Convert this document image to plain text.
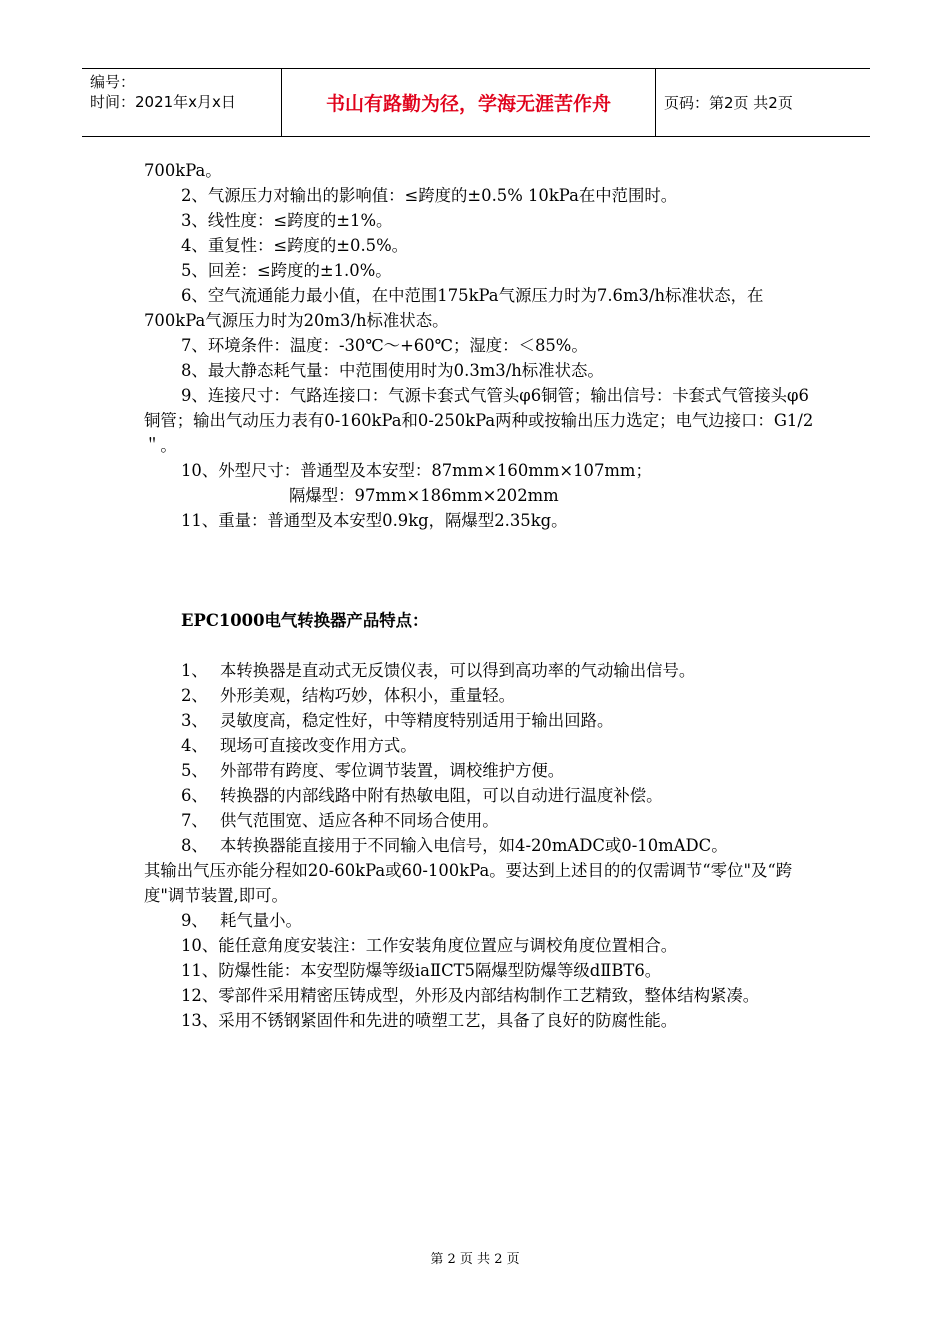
编号：
时间：2021年x月x日	书山有路勤为径，学海无涯苦作舟	页码：第2页 共2页

700kPa。

2、气源压力对输出的影响值：≤跨度的±0.5% 10kPa在中范围时。

3、线性度：≤跨度的±1%。

4、重复性：≤跨度的±0.5%。

5、回差：≤跨度的±1.0%。

6、空气流通能力最小值，在中范围175kPa气源压力时为7.6m3/h标准状态，在700kPa气源压力时为20m3/h标准状态。

7、环境条件：温度：-30℃～+60℃；湿度：＜85%。

8、最大静态耗气量：中范围使用时为0.3m3/h标准状态。

9、连接尺寸：气路连接口：气源卡套式气管头φ6铜管；输出信号：卡套式气管接头φ6铜管；输出气动压力表有0-160kPa和0-250kPa两种或按输出压力选定；电气边接口：G1/2＂。

10、外型尺寸：普通型及本安型：87mm×160mm×107mm；

隔爆型：97mm×186mm×202mm

11、重量：普通型及本安型0.9kg，隔爆型2.35kg。

EPC1000电气转换器产品特点：

1、 本转换器是直动式无反馈仪表，可以得到高功率的气动输出信号。

2、 外形美观，结构巧妙，体积小，重量轻。

3、 灵敏度高，稳定性好，中等精度特别适用于输出回路。

4、 现场可直接改变作用方式。

5、 外部带有跨度、零位调节装置，调校维护方便。

6、 转换器的内部线路中附有热敏电阻，可以自动进行温度补偿。

7、 供气范围宽、适应各种不同场合使用。

8、 本转换器能直接用于不同输入电信号，如4-20mADC或0-10mADC。

其输出气压亦能分程如20-60kPa或60-100kPa。要达到上述目的的仅需调节“零位"及“跨度"调节装置,即可。

9、 耗气量小。

10、能任意角度安装注：工作安装角度位置应与调校角度位置相合。

11、防爆性能：本安型防爆等级iaⅡCT5隔爆型防爆等级dⅡBT6。

12、零部件采用精密压铸成型，外形及内部结构制作工艺精致，整体结构紧凑。

13、采用不锈钢紧固件和先进的喷塑工艺，具备了良好的防腐性能。

第 2 页 共 2 页
